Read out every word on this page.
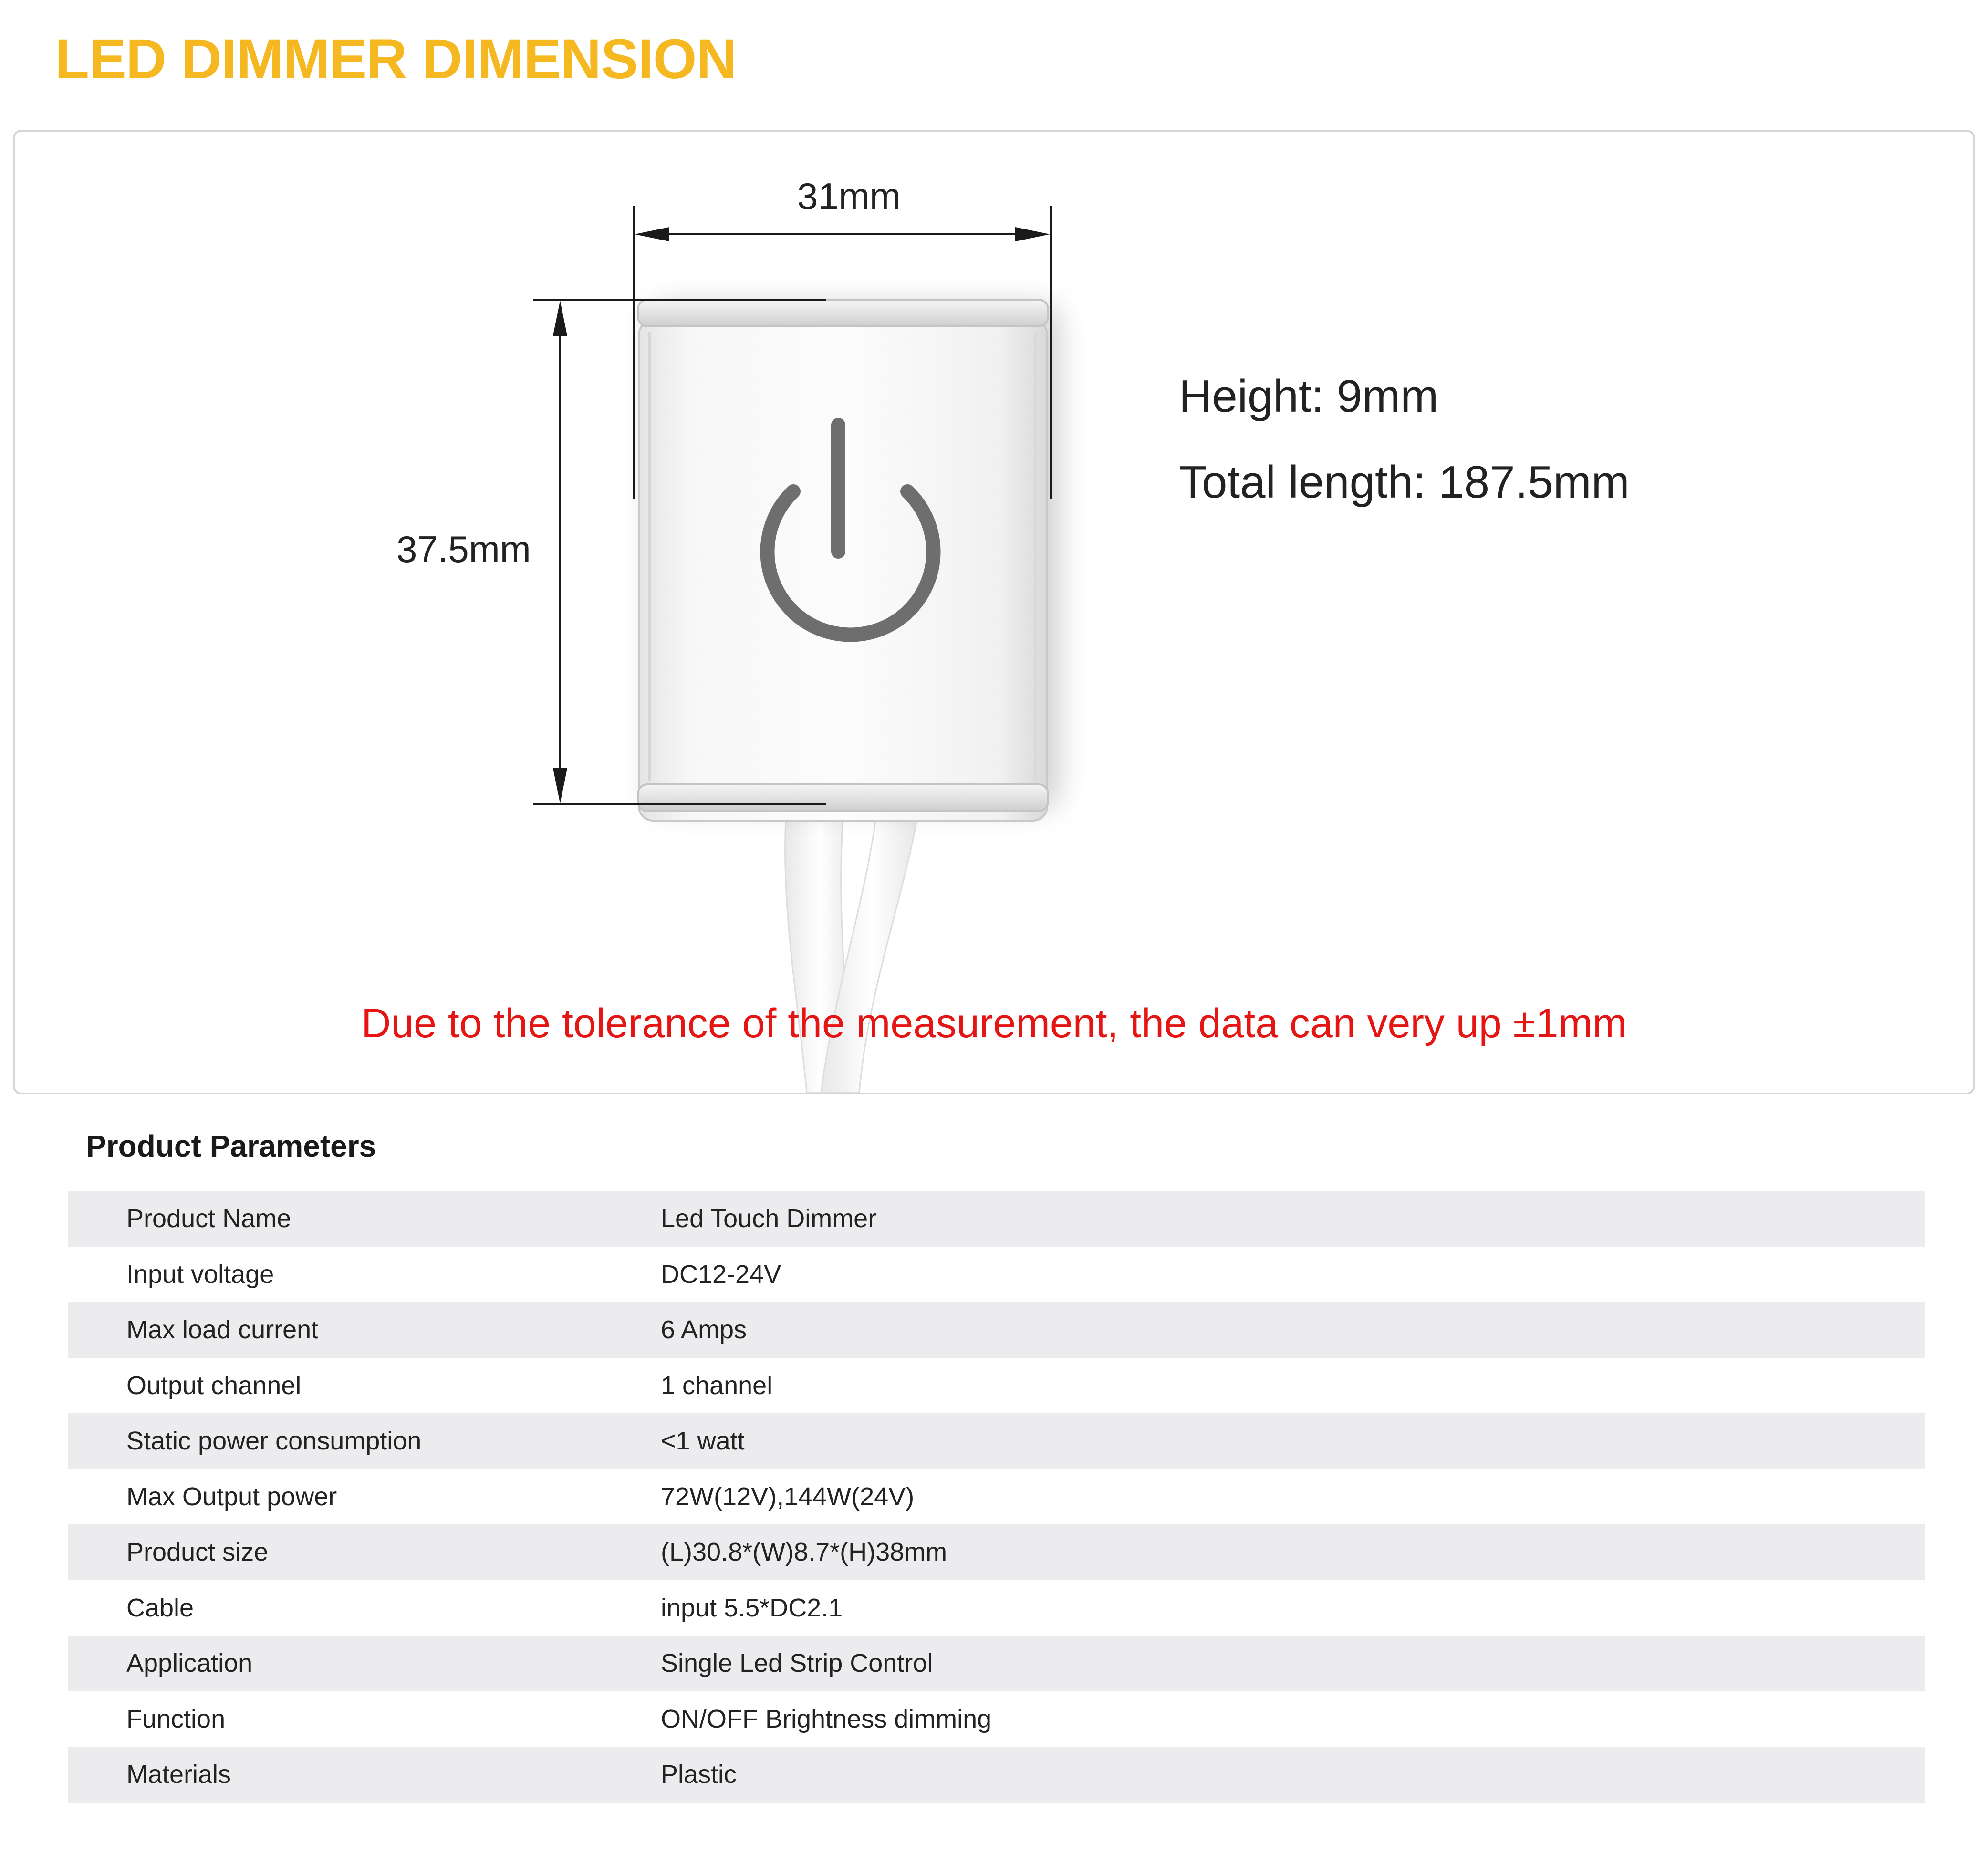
LED DIMMER DIMENSION
31mm
37.5mm
Height: 9mm
Total length: 187.5mm

Due to the tolerance of the measurement, the data can very up ±1mm

Product Parameters
Product Name	Led Touch Dimmer
Input voltage	DC12-24V
Max load current	6 Amps
Output channel	1 channel
Static power consumption	<1 watt
Max Output power	72W(12V),144W(24V)
Product size	(L)30.8*(W)8.7*(H)38mm
Cable	input 5.5*DC2.1
Application	Single Led Strip Control
Function	ON/OFF Brightness dimming
Materials	Plastic
